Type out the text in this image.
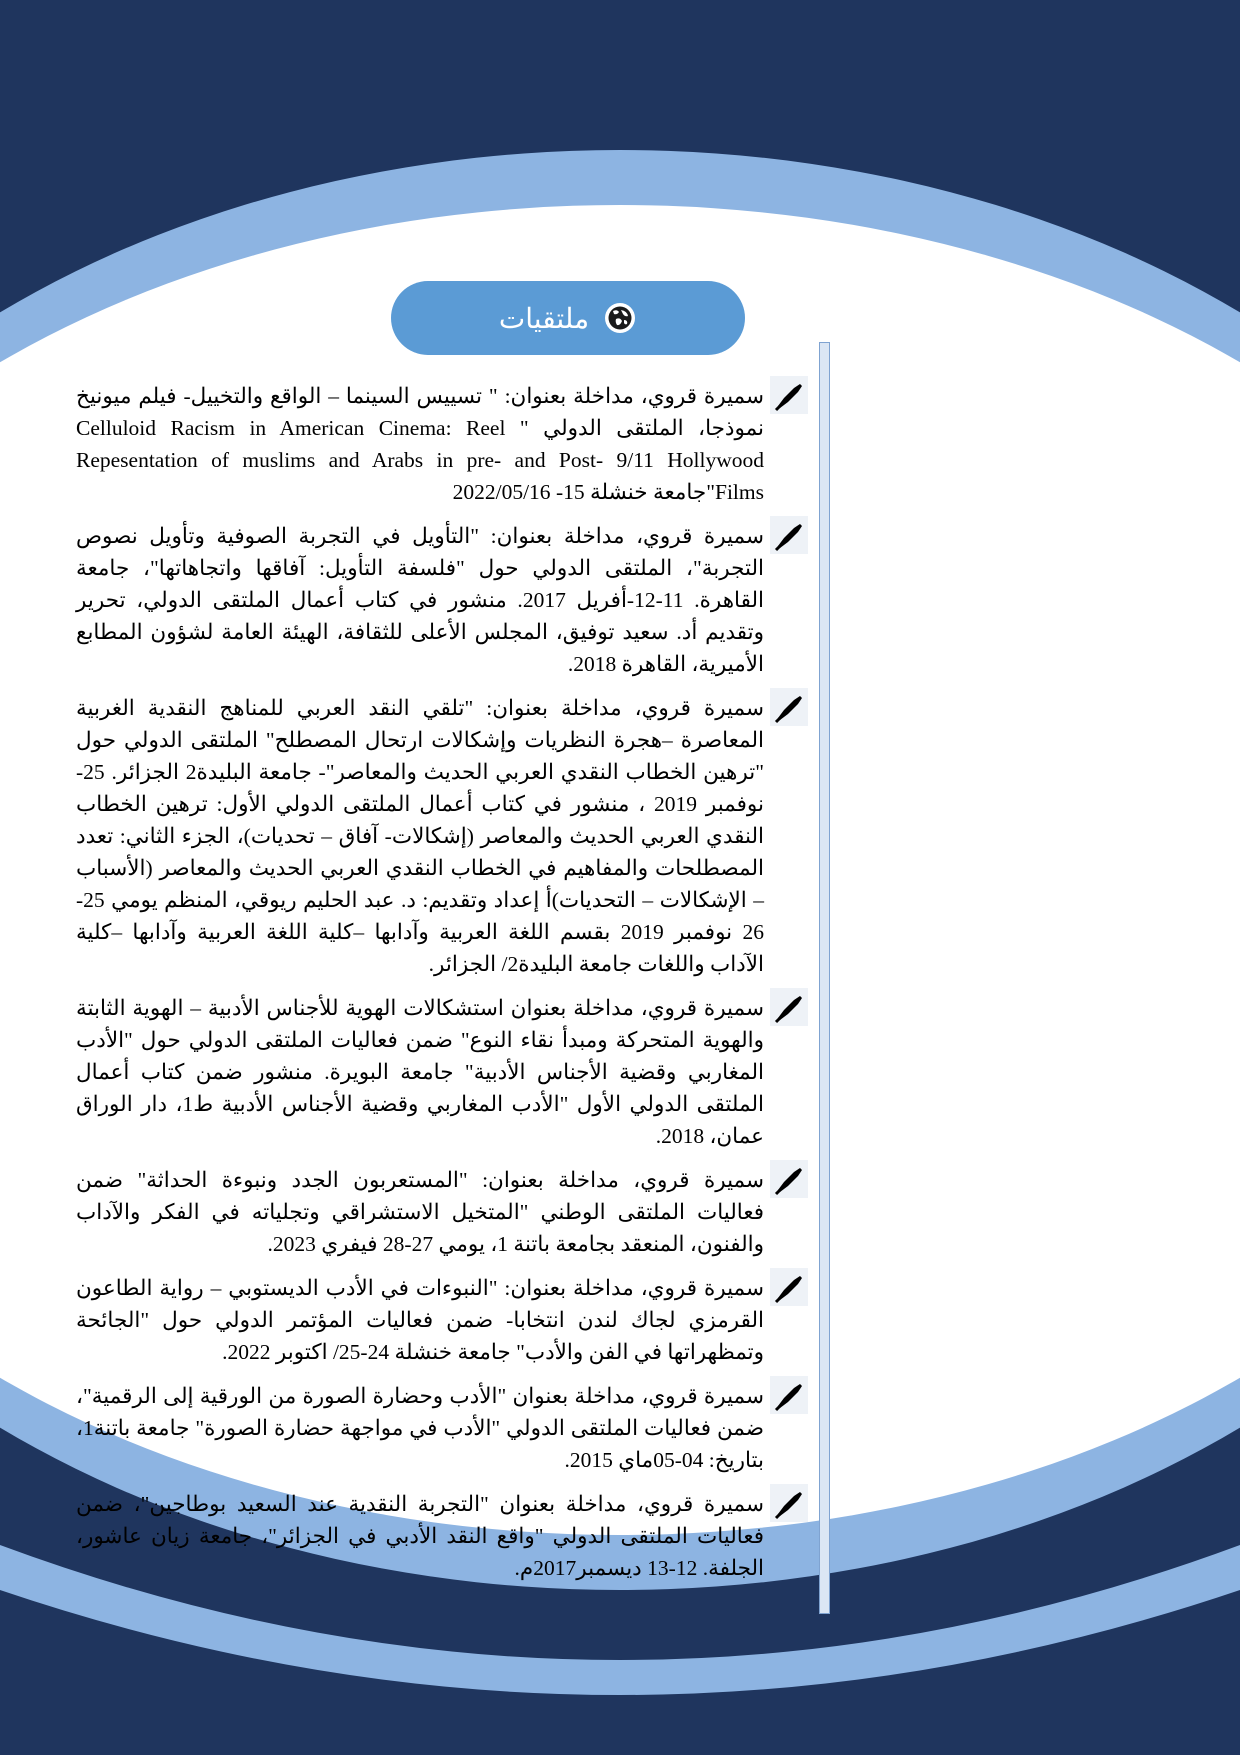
ملتقيات
سميرة قروي، مداخلة بعنوان: " تسييس السينما – الواقع والتخييل- فيلم ميونيخ نموذجا، الملتقى الدولي " Celluloid Racism in American Cinema: Reel Repesentation of muslims and Arabs in pre- and Post- 9/11 Hollywood Films"جامعة خنشلة 15- 2022/05/16
سميرة قروي، مداخلة بعنوان: "التأويل في التجربة الصوفية وتأويل نصوص التجربة"، الملتقى الدولي حول "فلسفة التأويل: آفاقها واتجاهاتها"، جامعة القاهرة. 11-12-أفريل 2017. منشور في كتاب أعمال الملتقى الدولي، تحرير وتقديم أد. سعيد توفيق، المجلس الأعلى للثقافة، الهيئة العامة لشؤون المطابع الأميرية، القاهرة 2018.
سميرة قروي، مداخلة بعنوان: "تلقي النقد العربي للمناهج النقدية الغربية المعاصرة –هجرة النظريات وإشكالات ارتحال المصطلح" الملتقى الدولي حول "ترهين الخطاب النقدي العربي الحديث والمعاصر"- جامعة البليدة2 الجزائر. 25-نوفمبر 2019 ، منشور في كتاب أعمال الملتقى الدولي الأول: ترهين الخطاب النقدي العربي الحديث والمعاصر (إشكالات- آفاق – تحديات)، الجزء الثاني: تعدد المصطلحات والمفاهيم في الخطاب النقدي العربي الحديث والمعاصر (الأسباب – الإشكالات – التحديات)أ إعداد وتقديم: د. عبد الحليم ريوقي، المنظم يومي 25-26 نوفمبر 2019 بقسم اللغة العربية وآدابها –كلية اللغة العربية وآدابها –كلية الآداب واللغات جامعة البليدة2/ الجزائر.
سميرة قروي، مداخلة بعنوان استشكالات الهوية للأجناس الأدبية – الهوية الثابتة والهوية المتحركة ومبدأ نقاء النوع" ضمن فعاليات الملتقى الدولي حول "الأدب المغاربي وقضية الأجناس الأدبية" جامعة البويرة. منشور ضمن كتاب أعمال الملتقى الدولي الأول "الأدب المغاربي وقضية الأجناس الأدبية ط1، دار الوراق عمان، 2018.
سميرة قروي، مداخلة بعنوان: "المستعربون الجدد ونبوءة الحداثة" ضمن فعاليات الملتقى الوطني "المتخيل الاستشراقي وتجلياته في الفكر والآداب والفنون، المنعقد بجامعة باتنة 1، يومي 27-28 فيفري 2023.
سميرة قروي، مداخلة بعنوان: "النبوءات في الأدب الديستوبي – رواية الطاعون القرمزي لجاك لندن انتخابا- ضمن فعاليات المؤتمر الدولي حول "الجائحة وتمظهراتها في الفن والأدب" جامعة خنشلة 24-25/ اكتوبر 2022.
سميرة قروي، مداخلة بعنوان "الأدب وحضارة الصورة من الورقية إلى الرقمية"، ضمن فعاليات الملتقى الدولي "الأدب في مواجهة حضارة الصورة" جامعة باتنة1، بتاريخ: 04-05ماي 2015.
سميرة قروي، مداخلة بعنوان "التجربة النقدية عند السعيد بوطاجين"، ضمن فعاليات الملتقى الدولي "واقع النقد الأدبي في الجزائر"، جامعة زيان عاشور، الجلفة. 12-13 ديسمبر2017م.
